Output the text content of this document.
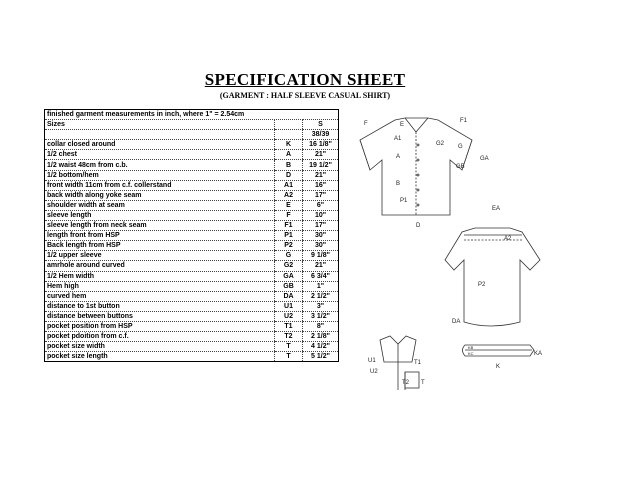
SPECIFICATION SHEET
(GARMENT : HALF SLEEVE CASUAL SHIRT)
finished garment measurements in inch, where 1" = 2.54cm		
Sizes		S
		38/39
collar closed around	K	16 1/8"
1/2 chest	A	21"
1/2 waist 48cm from c.b.	B	19 1/2"
1/2 bottom/hem	D	21"
front width 11cm from c.f. collerstand	A1	16"
back width along yoke seam	A2	17"
shoulder width at seam	E	6"
sleeve length	F	10"
sleeve length from neck seam	F1	17"
length front from HSP	P1	30"
Back length from HSP	P2	30"
1/2 upper sleeve	G	9 1/8"
amrhole around curved	G2	21"
1/2 Hem width	GA	6 3/4"
Hem high	GB	1"
curved hem	DA	2 1/2"
distance to 1st button	U1	3"
distance between buttons	U2	3 1/2"
pocket position from HSP	T1	8"
pocket pdoition from c.f.	T2	2 1/8"
pocket size width	T	4 1/2"
pocket size length	T	5 1/2"
F	E
F1
A1
G2 G
GA
GB
A
B
P1
D
EA
A2
P2
DA
U1
U2
T1
T2 T
KB
KC	KA
K
